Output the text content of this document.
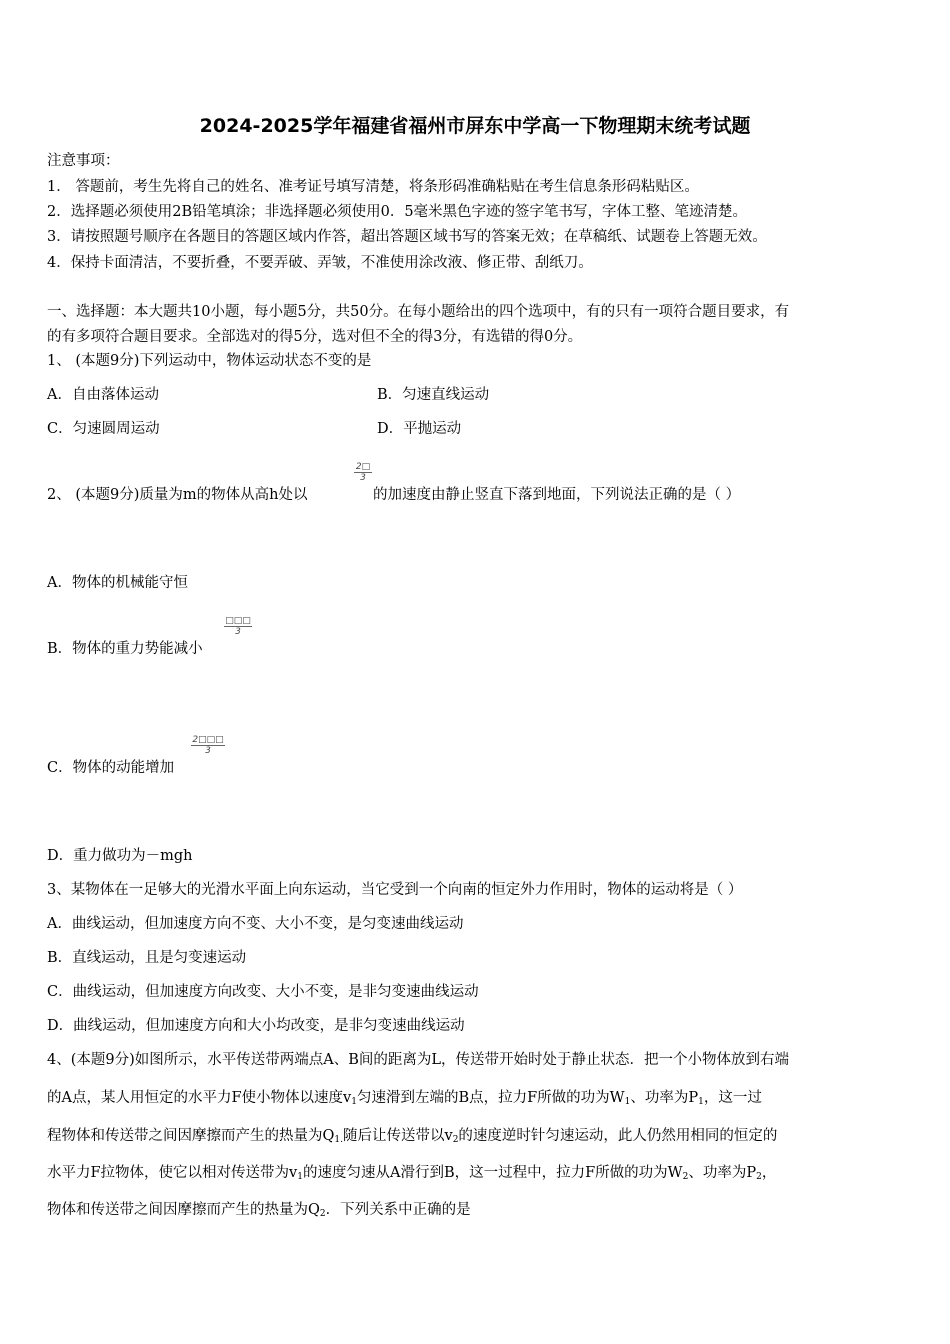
2024-2025学年福建省福州市屏东中学高一下物理期末统考试题
注意事项：
1． 答题前，考生先将自己的姓名、准考证号填写清楚，将条形码准确粘贴在考生信息条形码粘贴区。
2．选择题必须使用2B铅笔填涂；非选择题必须使用0．5毫米黑色字迹的签字笔书写，字体工整、笔迹清楚。
3．请按照题号顺序在各题目的答题区域内作答，超出答题区域书写的答案无效；在草稿纸、试题卷上答题无效。
4．保持卡面清洁，不要折叠，不要弄破、弄皱，不准使用涂改液、修正带、刮纸刀。
一、选择题：本大题共10小题，每小题5分，共50分。在每小题给出的四个选项中，有的只有一项符合题目要求，有
的有多项符合题目要求。全部选对的得5分，选对但不全的得3分，有选错的得0分。
1、 (本题9分)下列运动中，物体运动状态不变的是
A．自由落体运动	B．匀速直线运动
C．匀速圆周运动	D．平抛运动
2、 (本题9分)质量为m的物体从高h处以
$\frac{2□}{3}$
的加速度由静止竖直下落到地面，下列说法正确的是（ ）
A．物体的机械能守恒
B．物体的重力势能减小
□□□
3
C．物体的动能增加
$\frac{2□□□}{3}$
D．重力做功为－mgh
3、某物体在一足够大的光滑水平面上向东运动，当它受到一个向南的恒定外力作用时，物体的运动将是（ ）
A．曲线运动，但加速度方向不变、大小不变，是匀变速曲线运动
B．直线运动，且是匀变速运动
C．曲线运动，但加速度方向改变、大小不变，是非匀变速曲线运动
D．曲线运动，但加速度方向和大小均改变，是非匀变速曲线运动
4、(本题9分)如图所示，水平传送带两端点A、B间的距离为L，传送带开始时处于静止状态．把一个小物体放到右端
的A点，某人用恒定的水平力F使小物体以速度$v_1$匀速滑到左端的B点，拉力F所做的功为$W_1$、功率为$P_1$，这一过
程物体和传送带之间因摩擦而产生的热量为$Q_{1.}$随后让传送带以$v_2$的速度逆时针匀速运动，此人仍然用相同的恒定的
水平力F拉物体，使它以相对传送带为$v_1$的速度匀速从A滑行到B，这一过程中，拉力F所做的功为$W_2$、功率为$P_2$，
物体和传送带之间因摩擦而产生的热量为$Q_2$．下列关系中正确的是
